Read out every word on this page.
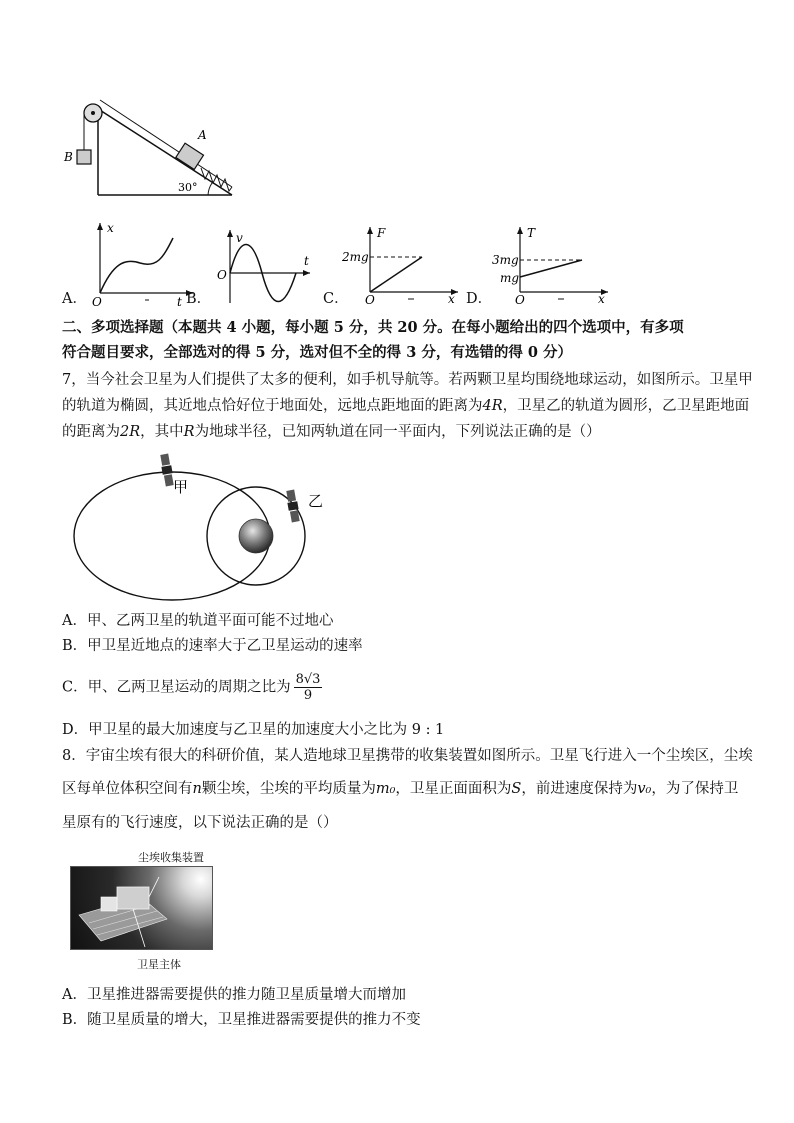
A
B
30°
A．
x
t
O	B．
v
t
O
C．
F
x
O
2mg
D．
T
x
O
3mg
mg
二、多项选择题（本题共 4 小题，每小题 5 分，共 20 分。在每小题给出的四个选项中，有多项
符合题目要求，全部选对的得 5 分，选对但不全的得 3 分，有选错的得 0 分）
7，当今社会卫星为人们提供了太多的便利，如手机导航等。若两颗卫星均围绕地球运动，如图所示。卫星甲
的轨道为椭圆，其近地点恰好位于地面处，远地点距地面的距离为4R，卫星乙的轨道为圆形，乙卫星距地面
的距离为2R，其中R为地球半径，已知两轨道在同一平面内，下列说法正确的是（）
甲
乙
A．甲、乙两卫星的轨道平面可能不过地心
B．甲卫星近地点的速率大于乙卫星运动的速率
C．甲、乙两卫星运动的周期之比为 $\frac{8√3}{9}$
D．甲卫星的最大加速度与乙卫星的加速度大小之比为 9 : 1
8．宇宙尘埃有很大的科研价值，某人造地球卫星携带的收集装置如图所示。卫星飞行进入一个尘埃区，尘埃
区每单位体积空间有n颗尘埃，尘埃的平均质量为m₀，卫星正面面积为S，前进速度保持为v₀，为了保持卫
星原有的飞行速度，以下说法正确的是（）
尘埃收集装置
卫星主体
A．卫星推进器需要提供的推力随卫星质量增大而增加
B．随卫星质量的增大，卫星推进器需要提供的推力不变
